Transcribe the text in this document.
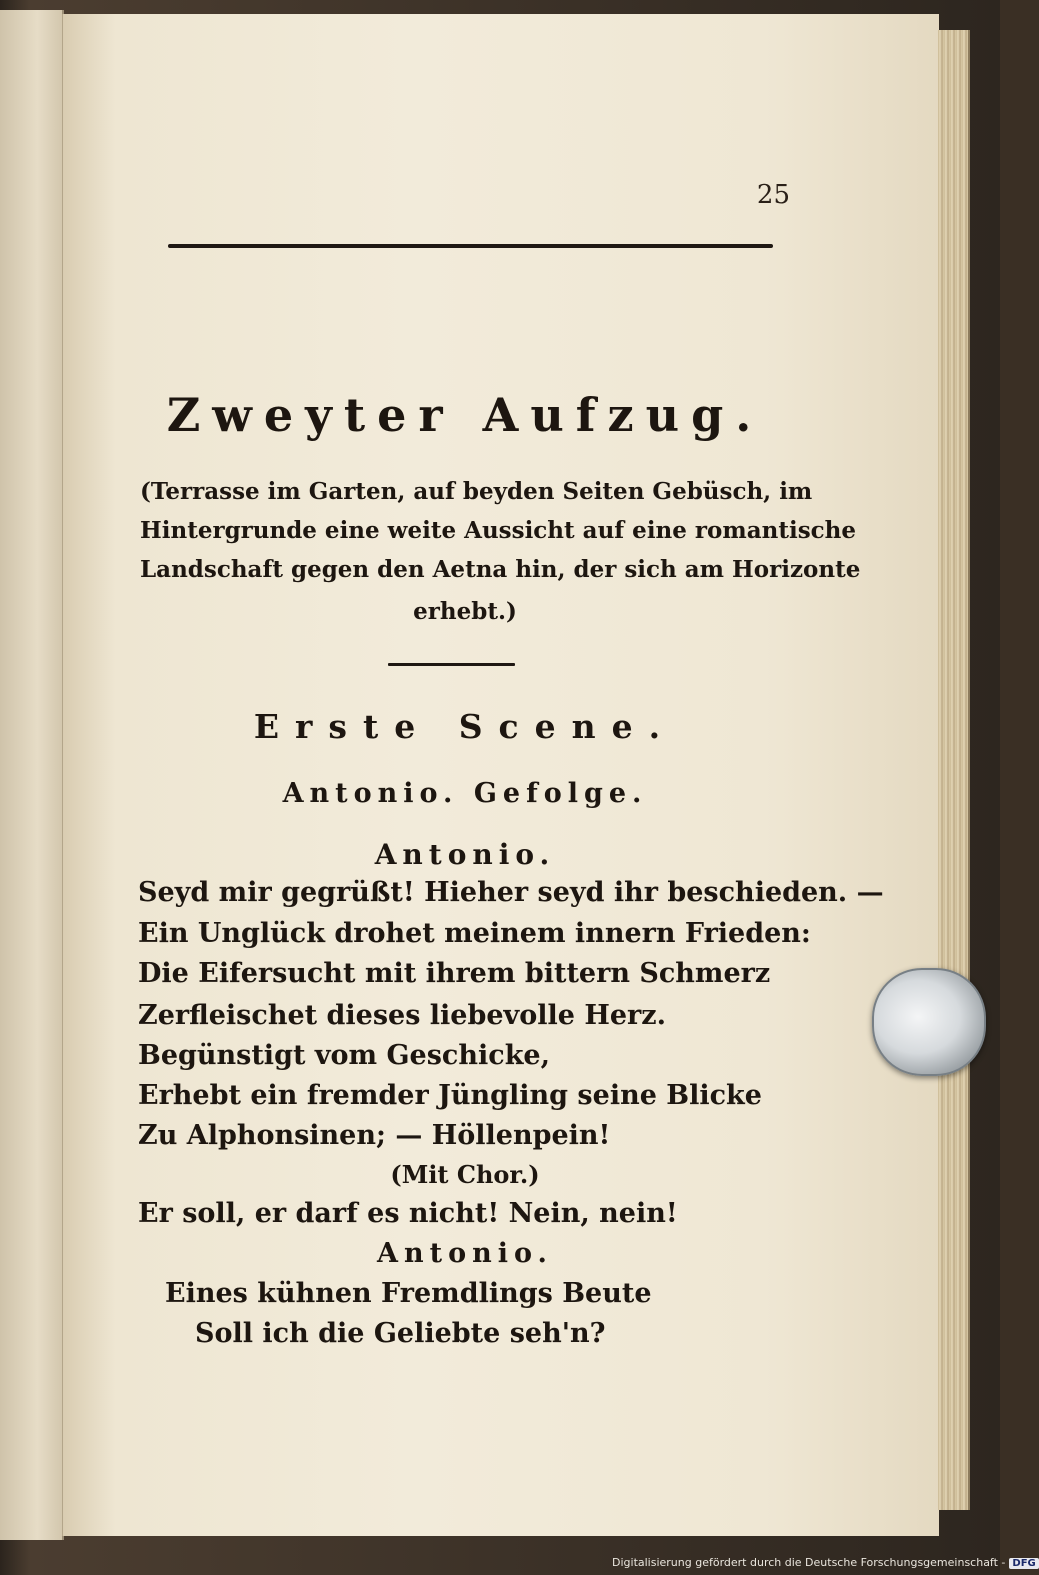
25
Zweyter Aufzug.
(Terrasse im Garten, auf beyden Seiten Gebüsch, im
Hintergrunde eine weite Aussicht auf eine romantische
Landschaft gegen den Aetna hin, der sich am Horizonte
erhebt.)
Erste Scene.
Antonio. Gefolge.
Antonio.
Seyd mir gegrüßt! Hieher seyd ihr beschieden. —
Ein Unglück drohet meinem innern Frieden:
Die Eifersucht mit ihrem bittern Schmerz
Zerfleischet dieses liebevolle Herz.
Begünstigt vom Geschicke,
Erhebt ein fremder Jüngling seine Blicke
Zu Alphonsinen; — Höllenpein!
(Mit Chor.)
Er soll, er darf es nicht! Nein, nein!
Antonio.
Eines kühnen Fremdlings Beute
Soll ich die Geliebte seh'n?
Digitalisierung gefördert durch die Deutsche Forschungsgemeinschaft - DFG
